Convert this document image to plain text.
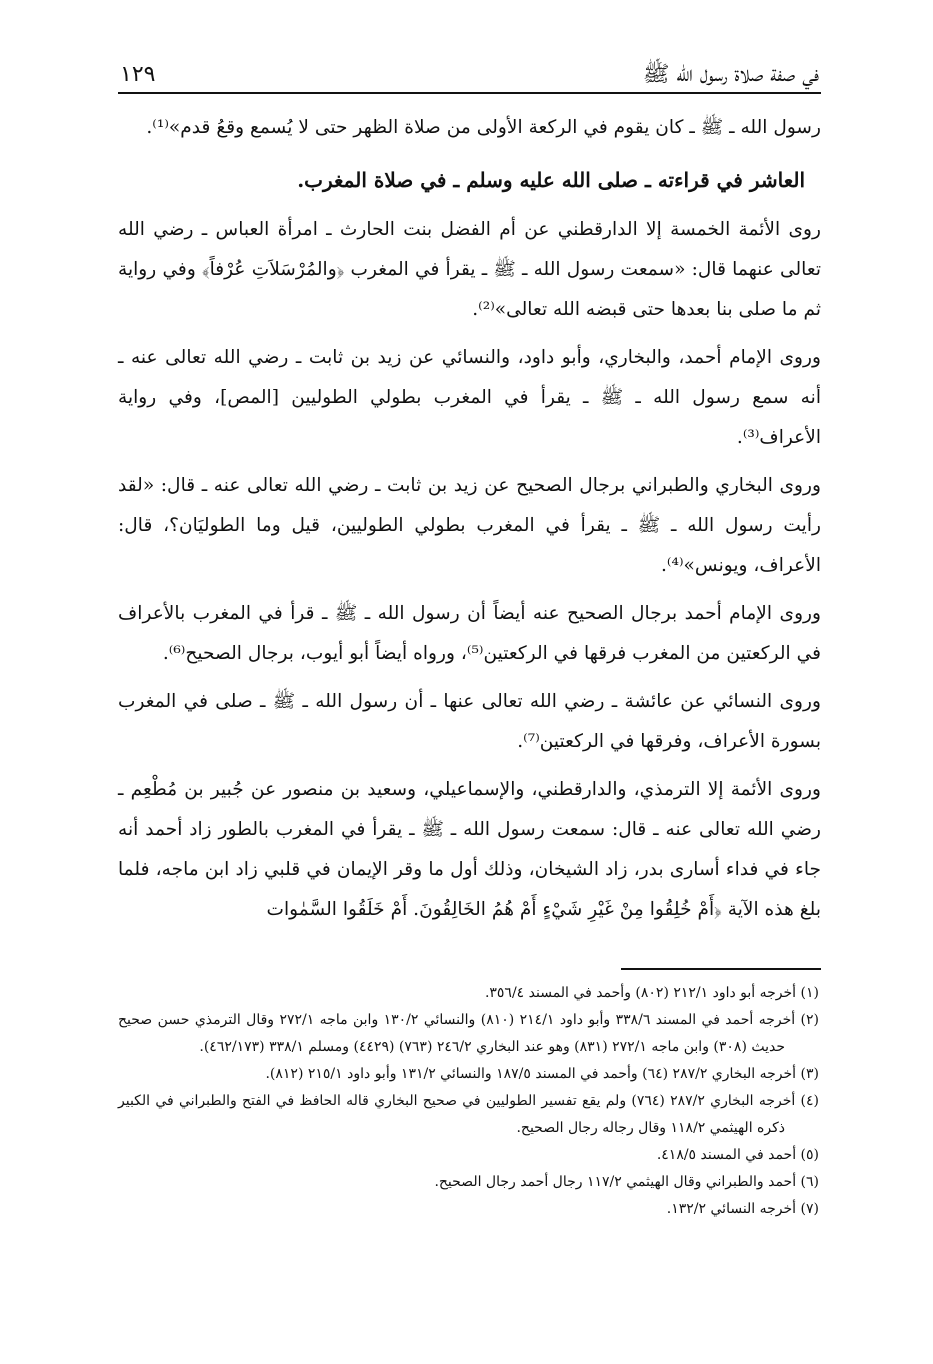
في صفة صلاة رسول الله ﷺ
١٢٩

رسول الله ـ ﷺ ـ كان يقوم في الركعة الأولى من صلاة الظهر حتى لا يُسمع وقعُ قدم»⁽¹⁾.

العاشر في قراءته ـ صلى الله عليه وسلم ـ في صلاة المغرب.

روى الأئمة الخمسة إلا الدارقطني عن أم الفضل بنت الحارث ـ امرأة العباس ـ رضي الله تعالى عنهما قال: «سمعت رسول الله ـ ﷺ ـ يقرأ في المغرب ﴿والمُرْسَلاَتِ عُرْفاً﴾ وفي رواية ثم ما صلى بنا بعدها حتى قبضه الله تعالى»⁽²⁾.

وروى الإمام أحمد، والبخاري، وأبو داود، والنسائي عن زيد بن ثابت ـ رضي الله تعالى عنه ـ أنه سمع رسول الله ـ ﷺ ـ يقرأ في المغرب بطولي الطوليين [المص]، وفي رواية الأعراف⁽³⁾.

وروى البخاري والطبراني برجال الصحيح عن زيد بن ثابت ـ رضي الله تعالى عنه ـ قال: «لقد رأيت رسول الله ـ ﷺ ـ يقرأ في المغرب بطولي الطوليين، قيل وما الطوليَان؟، قال: الأعراف، ويونس»⁽⁴⁾.

وروى الإمام أحمد برجال الصحيح عنه أيضاً أن رسول الله ـ ﷺ ـ قرأ في المغرب بالأعراف في الركعتين من المغرب فرقها في الركعتين⁽⁵⁾، ورواه أيضاً أبو أيوب، برجال الصحيح⁽⁶⁾.

وروى النسائي عن عائشة ـ رضي الله تعالى عنها ـ أن رسول الله ـ ﷺ ـ صلى في المغرب بسورة الأعراف، وفرقها في الركعتين⁽⁷⁾.

وروى الأئمة إلا الترمذي، والدارقطني، والإسماعيلي، وسعيد بن منصور عن جُبير بن مُطْعِم ـ رضي الله تعالى عنه ـ قال: سمعت رسول الله ـ ﷺ ـ يقرأ في المغرب بالطور زاد أحمد أنه جاء في فداء أسارى بدر، زاد الشيخان، وذلك أول ما وقر الإيمان في قلبي زاد ابن ماجه، فلما بلغ هذه الآية ﴿أَمْ خُلِقُوا مِنْ غَيْرِ شَيْءٍ أَمْ هُمُ الخَالِقُونَ. أَمْ خَلَقُوا السَّمٰوات

(١) أخرجه أبو داود ٢١٢/١ (٨٠٢) وأحمد في المسند ٣٥٦/٤.
(٢) أخرجه أحمد في المسند ٣٣٨/٦ وأبو داود ٢١٤/١ (٨١٠) والنسائي ١٣٠/٢ وابن ماجه ٢٧٢/١ وقال الترمذي حسن صحيح حديث (٣٠٨) وابن ماجه ٢٧٢/١ (٨٣١) وهو عند البخاري ٢٤٦/٢ (٧٦٣) (٤٤٢٩) ومسلم ٣٣٨/١ (٤٦٢/١٧٣).
(٣) أخرجه البخاري ٢٨٧/٢ (٦٤) وأحمد في المسند ١٨٧/٥ والنسائي ١٣١/٢ وأبو داود ٢١٥/١ (٨١٢).
(٤) أخرجه البخاري ٢٨٧/٢ (٧٦٤) ولم يقع تفسير الطوليين في صحيح البخاري قاله الحافظ في الفتح والطبراني في الكبير ذكره الهيثمي ١١٨/٢ وقال رجاله رجال الصحيح.
(٥) أحمد في المسند ٤١٨/٥.
(٦) أحمد والطبراني وقال الهيثمي ١١٧/٢ رجال أحمد رجال الصحيح.
(٧) أخرجه النسائي ١٣٢/٢.
